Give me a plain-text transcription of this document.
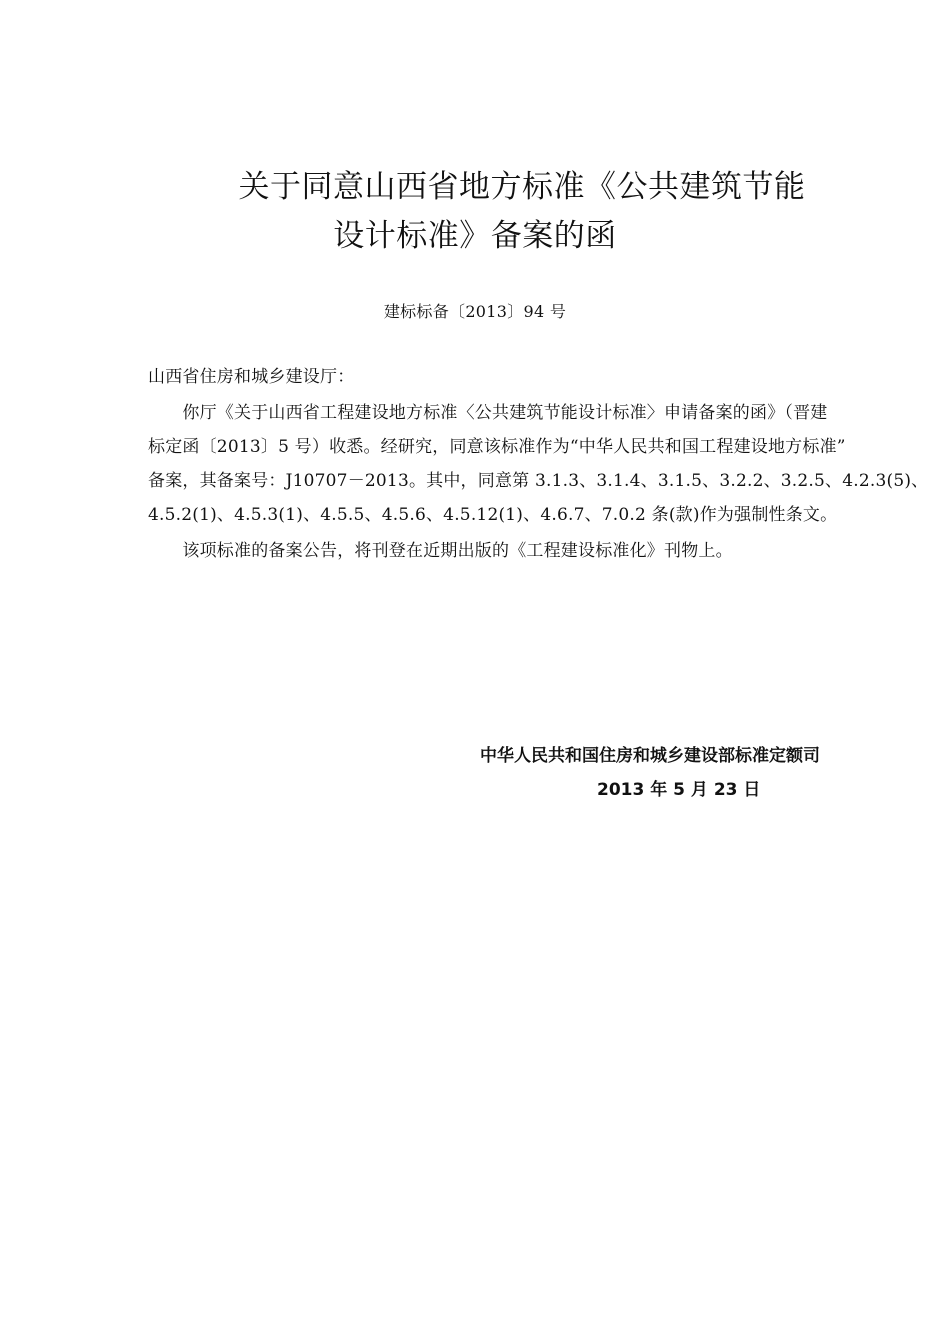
关于同意山西省地方标准《公共建筑节能
设计标准》备案的函
建标标备〔2013〕94 号
山西省住房和城乡建设厅：
　　你厅《关于山西省工程建设地方标准〈公共建筑节能设计标准〉申请备案的函》（晋建
标定函〔2013〕5 号）收悉。经研究，同意该标准作为“中华人民共和国工程建设地方标准”
备案，其备案号：J10707－2013。其中，同意第 3.1.3、3.1.4、3.1.5、3.2.2、3.2.5、4.2.3(5)、
4.5.2(1)、4.5.3(1)、4.5.5、4.5.6、4.5.12(1)、4.6.7、7.0.2 条(款)作为强制性条文。
　　该项标准的备案公告，将刊登在近期出版的《工程建设标准化》刊物上。
中华人民共和国住房和城乡建设部标准定额司
2013 年 5 月 23 日
